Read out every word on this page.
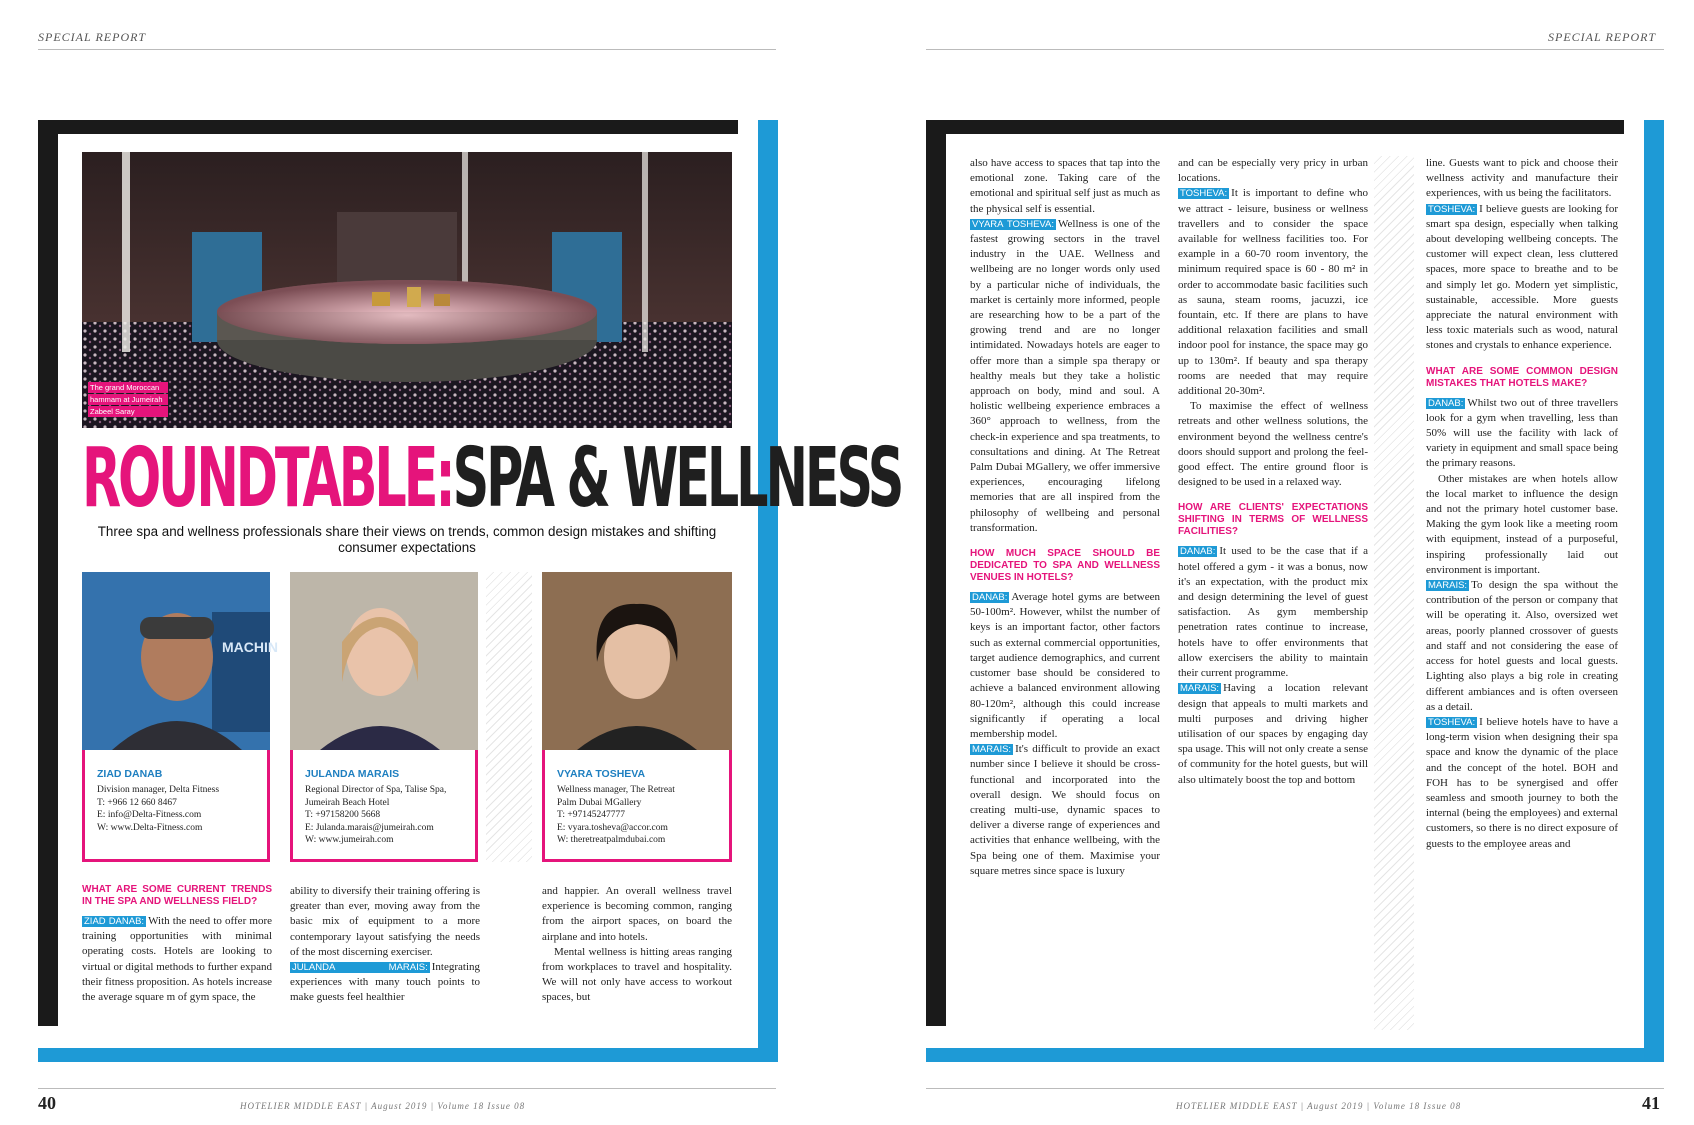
SPECIAL REPORT
The grand Moroccan
hammam at Jumeirah
Zabeel Saray
ROUNDTABLE:SPA & WELLNESS
Three spa and wellness professionals share their views on trends, common design mistakes and shifting consumer expectations
MACHIN
ZIAD DANAB
Division manager, Delta Fitness
T: +966 12 660 8467
E: info@Delta-Fitness.com
W: www.Delta-Fitness.com
JULANDA MARAIS
Regional Director of Spa, Talise Spa,
Jumeirah Beach Hotel
T: +97158200 5668
E: Julanda.marais@jumeirah.com
W: www.jumeirah.com
VYARA TOSHEVA
Wellness manager, The Retreat
Palm Dubai MGallery
T: +97145247777
E: vyara.tosheva@accor.com
W: theretreatpalmdubai.com
WHAT ARE SOME CURRENT TRENDS IN THE SPA AND WELLNESS FIELD?

ZIAD DANAB: With the need to offer more training opportunities with minimal operating costs. Hotels are looking to virtual or digital methods to further expand their fitness proposition. As hotels increase the average square m of gym space, the

ability to diversify their training offering is greater than ever, moving away from the basic mix of equipment to a more contemporary layout satisfying the needs of the most discerning exerciser.

JULANDA MARAIS: Integrating experiences with many touch points to make guests feel healthier

and happier. An overall wellness travel experience is becoming common, ranging from the airport spaces, on board the airplane and into hotels.

Mental wellness is hitting areas ranging from workplaces to travel and hospitality. We will not only have access to workout spaces, but

40	HOTELIER MIDDLE EAST | August 2019 | Volume 18 Issue 08
SPECIAL REPORT

also have access to spaces that tap into the emotional zone. Taking care of the emotional and spiritual self just as much as the physical self is essential.

VYARA TOSHEVA: Wellness is one of the fastest growing sectors in the travel industry in the UAE. Wellness and wellbeing are no longer words only used by a particular niche of individuals, the market is certainly more informed, people are researching how to be a part of the growing trend and are no longer intimidated. Nowadays hotels are eager to offer more than a simple spa therapy or healthy meals but they take a holistic approach on body, mind and soul. A holistic wellbeing experience embraces a 360° approach to wellness, from the check-in experience and spa treatments, to consultations and dining. At The Retreat Palm Dubai MGallery, we offer immersive experiences, encouraging lifelong memories that are all inspired from the philosophy of wellbeing and personal transformation.

HOW MUCH SPACE SHOULD BE DEDICATED TO SPA AND WELLNESS VENUES IN HOTELS?

DANAB: Average hotel gyms are between 50-100m². However, whilst the number of keys is an important factor, other factors such as external commercial opportunities, target audience demographics, and current customer base should be considered to achieve a balanced environment allowing 80-120m², although this could increase significantly if operating a local membership model.

MARAIS: It's difficult to provide an exact number since I believe it should be cross-functional and incorporated into the overall design. We should focus on creating multi-use, dynamic spaces to deliver a diverse range of experiences and activities that enhance wellbeing, with the Spa being one of them. Maximise your square metres since space is luxury

and can be especially very pricy in urban locations.

TOSHEVA: It is important to define who we attract - leisure, business or wellness travellers and to consider the space available for wellness facilities too. For example in a 60-70 room inventory, the minimum required space is 60 - 80 m² in order to accommodate basic facilities such as sauna, steam rooms, jacuzzi, ice fountain, etc. If there are plans to have additional relaxation facilities and small indoor pool for instance, the space may go up to 130m². If beauty and spa therapy rooms are needed that may require additional 20-30m².

To maximise the effect of wellness retreats and other wellness solutions, the environment beyond the wellness centre's doors should support and prolong the feel-good effect. The entire ground floor is designed to be used in a relaxed way.

HOW ARE CLIENTS' EXPECTATIONS SHIFTING IN TERMS OF WELLNESS FACILITIES?

DANAB: It used to be the case that if a hotel offered a gym - it was a bonus, now it's an expectation, with the product mix and design determining the level of guest satisfaction. As gym membership penetration rates continue to increase, hotels have to offer environments that allow exercisers the ability to maintain their current programme.

MARAIS: Having a location relevant design that appeals to multi markets and multi purposes and driving higher utilisation of our spaces by engaging day spa usage. This will not only create a sense of community for the hotel guests, but will also ultimately boost the top and bottom

line. Guests want to pick and choose their wellness activity and manufacture their experiences, with us being the facilitators.

TOSHEVA: I believe guests are looking for smart spa design, especially when talking about developing wellbeing concepts. The customer will expect clean, less cluttered spaces, more space to breathe and to be and simply let go. Modern yet simplistic, sustainable, accessible. More guests appreciate the natural environment with less toxic materials such as wood, natural stones and crystals to enhance experience.

WHAT ARE SOME COMMON DESIGN MISTAKES THAT HOTELS MAKE?

DANAB: Whilst two out of three travellers look for a gym when travelling, less than 50% will use the facility with lack of variety in equipment and small space being the primary reasons.

Other mistakes are when hotels allow the local market to influence the design and not the primary hotel customer base. Making the gym look like a meeting room with equipment, instead of a purposeful, inspiring professionally laid out environment is important.

MARAIS: To design the spa without the contribution of the person or company that will be operating it. Also, oversized wet areas, poorly planned crossover of guests and staff and not considering the ease of access for hotel guests and local guests. Lighting also plays a big role in creating different ambiances and is often overseen as a detail.

TOSHEVA: I believe hotels have to have a long-term vision when designing their spa space and know the dynamic of the place and the concept of the hotel. BOH and FOH has to be synergised and offer seamless and smooth journey to both the internal (being the employees) and external customers, so there is no direct exposure of guests to the employee areas and

HOTELIER MIDDLE EAST | August 2019 | Volume 18 Issue 08	41
